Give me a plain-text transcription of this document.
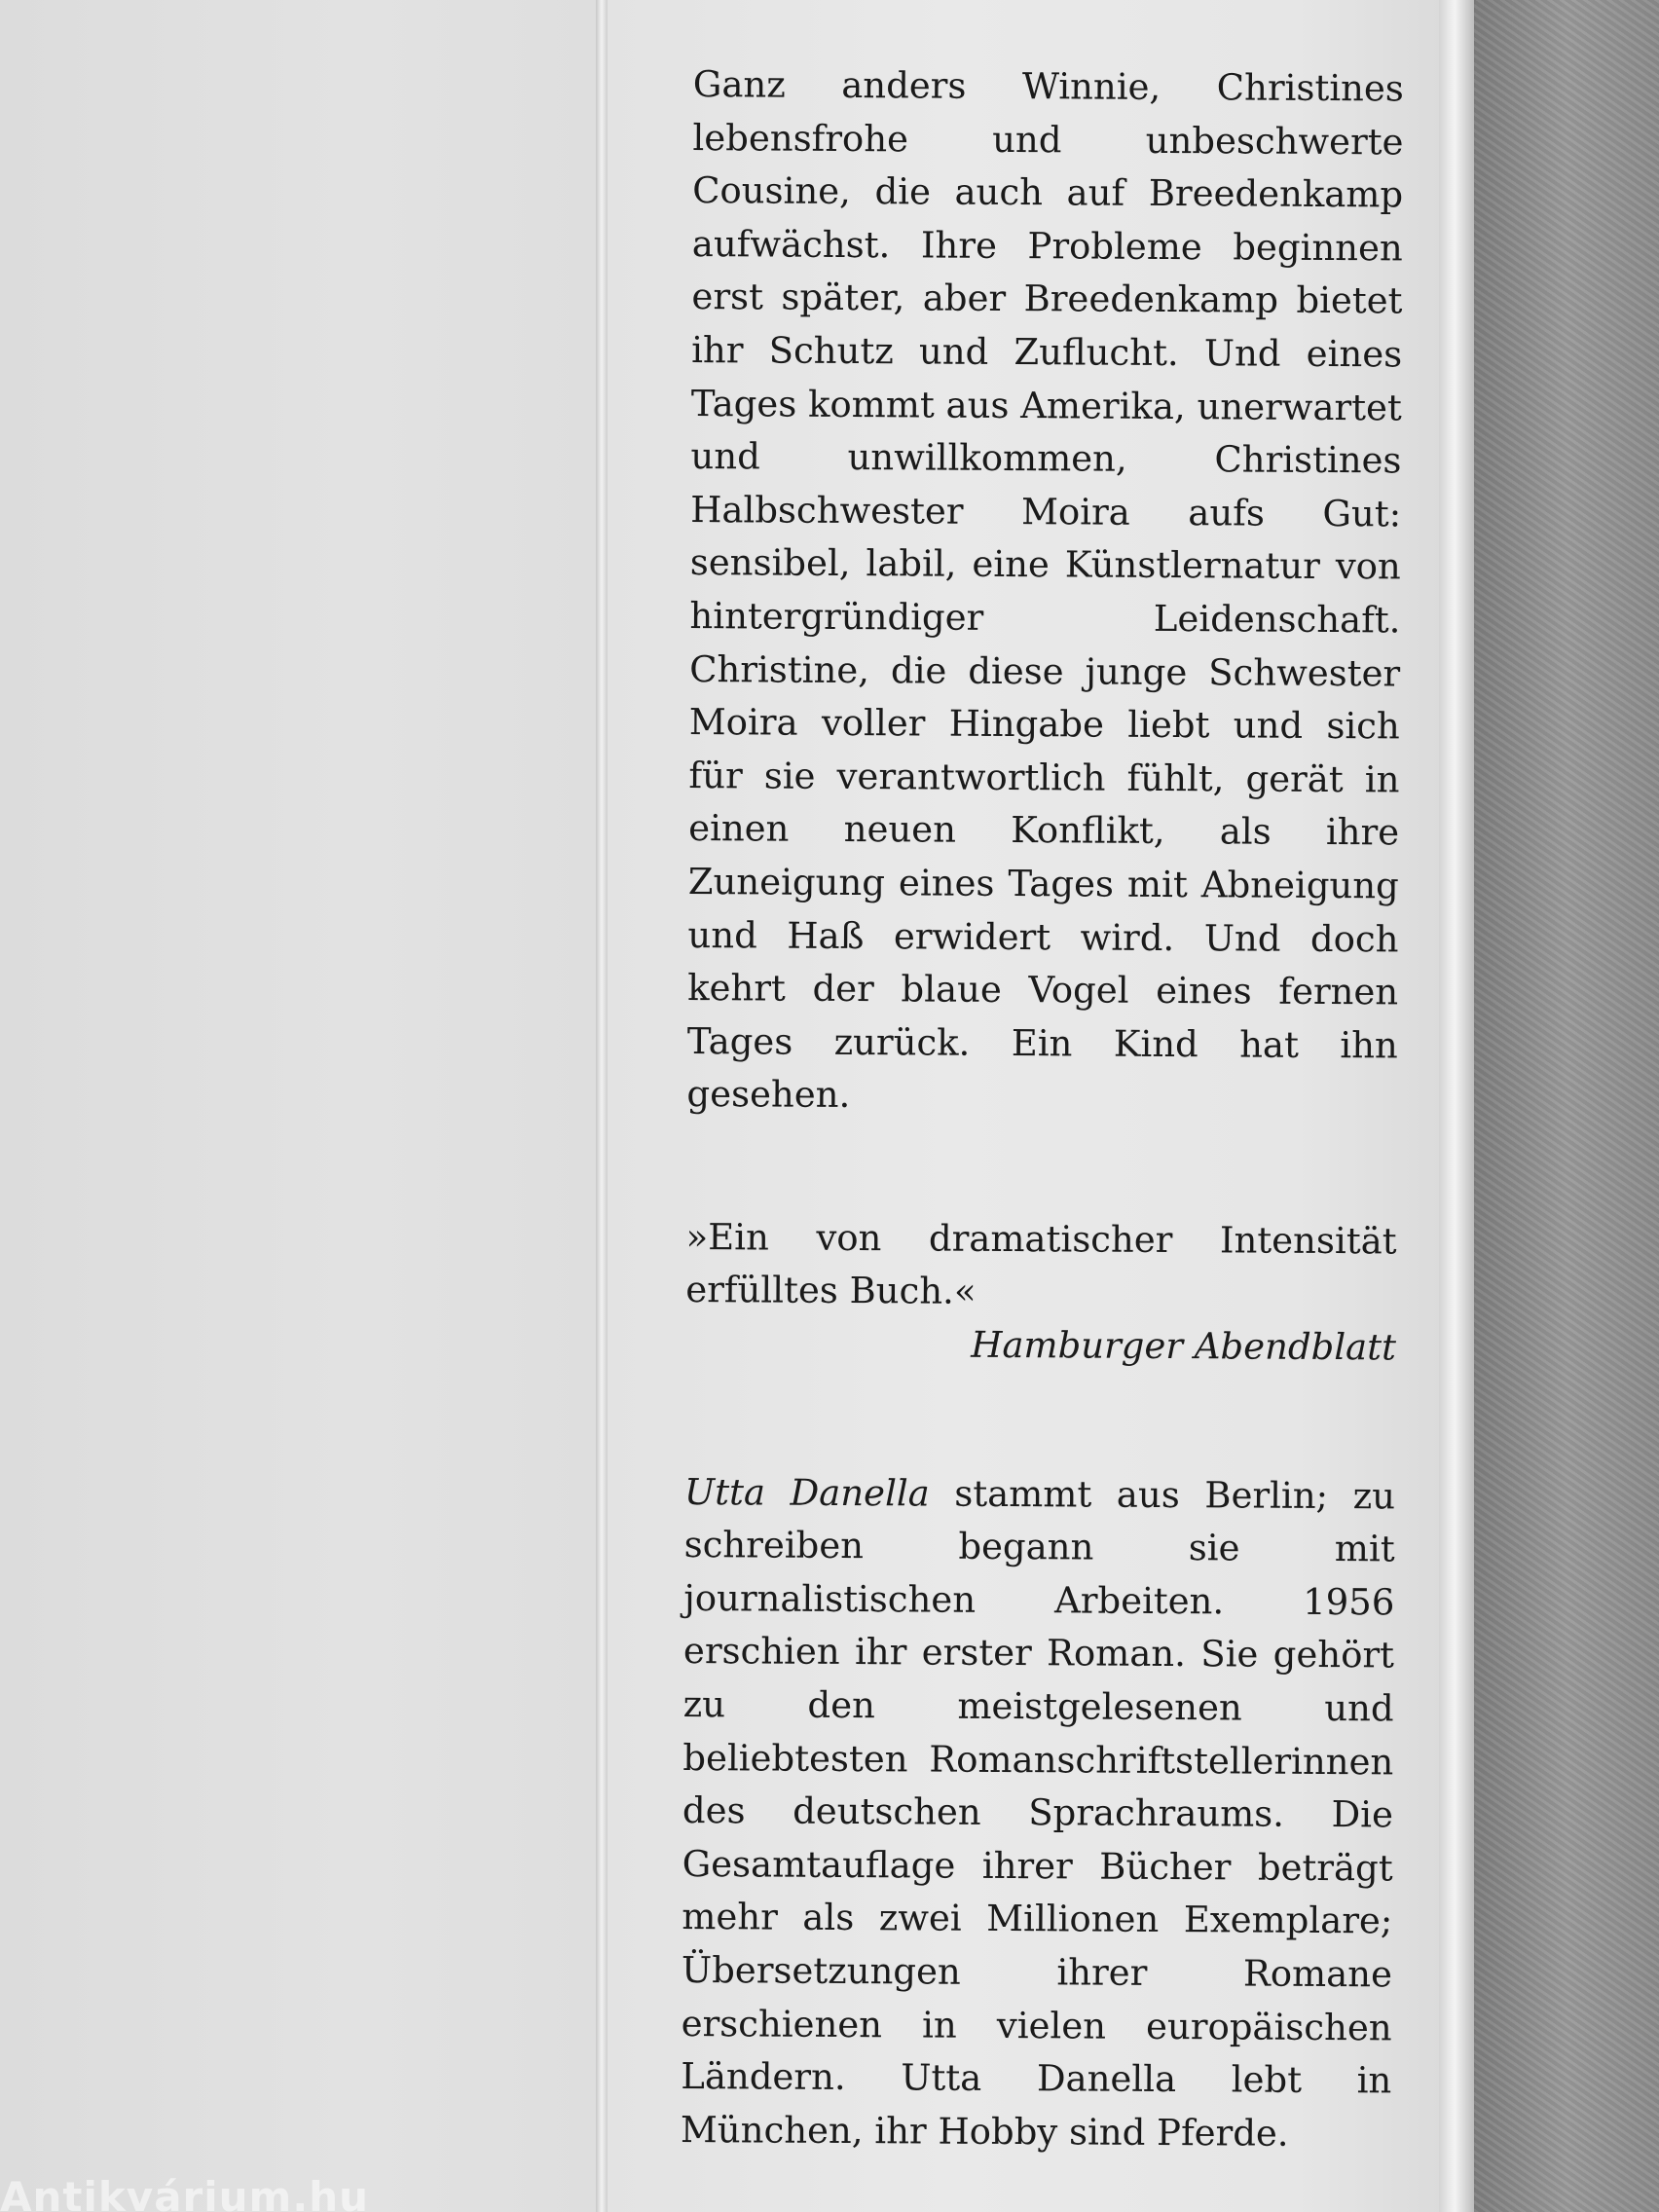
Ganz anders Winnie, Christines lebensfrohe und unbeschwerte Cousine, die auch auf Breedenkamp aufwächst. Ihre Probleme beginnen erst später, aber Breedenkamp bietet ihr Schutz und Zuflucht. Und eines Tages kommt aus Amerika, unerwartet und unwillkommen, Christines Halbschwester Moira aufs Gut: sensibel, labil, eine Künstlernatur von hintergründiger Leidenschaft. Christine, die diese junge Schwester Moira voller Hingabe liebt und sich für sie verantwortlich fühlt, gerät in einen neuen Konflikt, als ihre Zuneigung eines Tages mit Abneigung und Haß erwidert wird. Und doch kehrt der blaue Vogel eines fernen Tages zurück. Ein Kind hat ihn gesehen.

»Ein von dramatischer Intensität erfülltes Buch.«

Hamburger Abendblatt

Utta Danella stammt aus Berlin; zu schreiben begann sie mit journalistischen Arbeiten. 1956 erschien ihr erster Roman. Sie gehört zu den meistgelesenen und beliebtesten Romanschriftstellerinnen des deutschen Sprachraums. Die Gesamtauflage ihrer Bücher beträgt mehr als zwei Millionen Exemplare; Übersetzungen ihrer Romane erschienen in vielen europäischen Ländern. Utta Danella lebt in München, ihr Hobby sind Pferde.

Antikvárium.hu
